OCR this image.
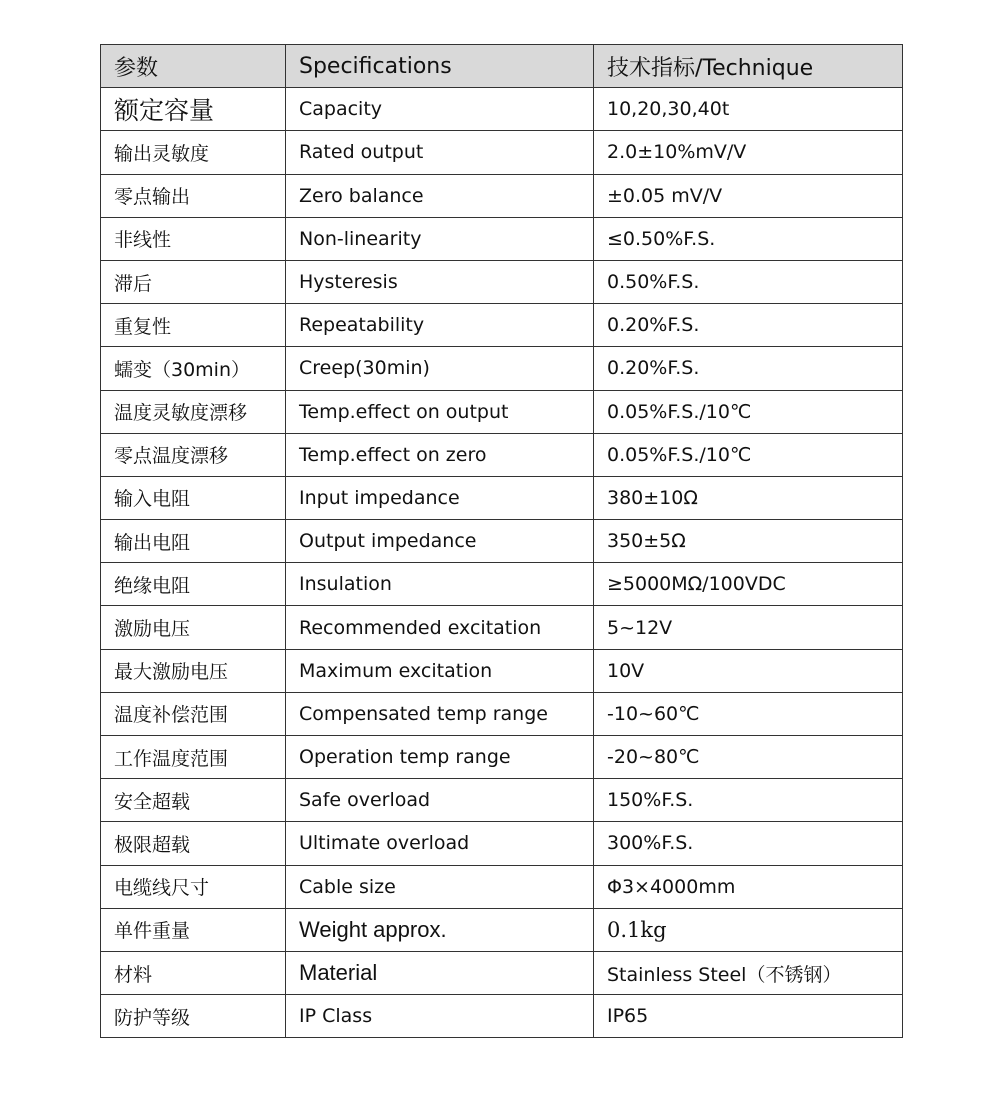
参数	Specifications	技术指标/Technique
额定容量	Capacity	10,20,30,40t
输出灵敏度	Rated output	2.0±10%mV/V
零点输出	Zero balance	±0.05 mV/V
非线性	Non-linearity	≤0.50%F.S.
滞后	Hysteresis	0.50%F.S.
重复性	Repeatability	0.20%F.S.
蠕变（30min）	Creep(30min)	0.20%F.S.
温度灵敏度漂移	Temp.effect on output	0.05%F.S./10℃
零点温度漂移	Temp.effect on zero	0.05%F.S./10℃
输入电阻	Input impedance	380±10Ω
输出电阻	Output impedance	350±5Ω
绝缘电阻	Insulation	≥5000MΩ/100VDC
激励电压	Recommended excitation	5~12V
最大激励电压	Maximum excitation	10V
温度补偿范围	Compensated temp range	-10~60℃
工作温度范围	Operation temp range	-20~80℃
安全超载	Safe overload	150%F.S.
极限超载	Ultimate overload	300%F.S.
电缆线尺寸	Cable size	Φ3×4000mm
单件重量	Weight approx.	0.1kg
材料	Material	Stainless Steel（不锈钢）
防护等级	IP Class	IP65
